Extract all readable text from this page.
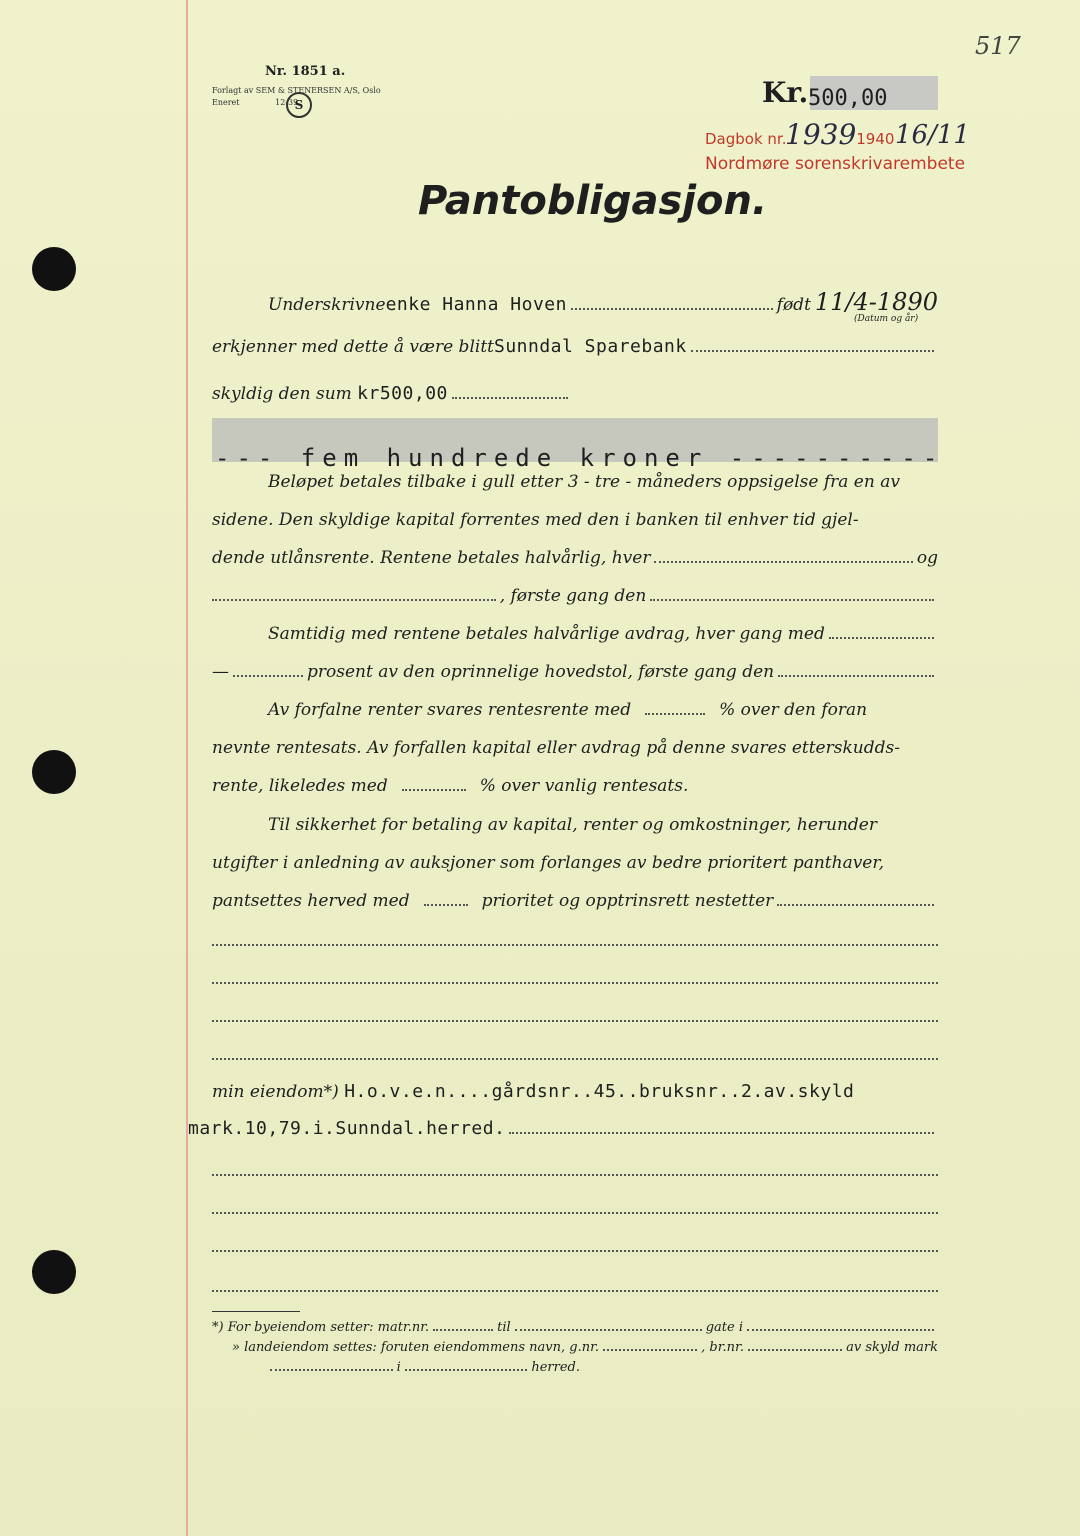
517
Nr. 1851 a.
Forlagt av SEM & STENERSEN A/S, Oslo
Eneret	12-39
S	Kr. 500,00
Dagbok nr.
19391940 16/11
Nordmøre sorenskrivarembete
Pantobligasjon.
Underskrivne enke Hanna Hoven	født 11/4-1890
(Datum og år)
erkjenner med dette å være blitt Sunndal Sparebank
skyldig den sum
kr500,00
--- fem hundrede kroner ----------
Beløpet betales tilbake i gull etter 3 - tre - måneders oppsigelse fra en av
sidene. Den skyldige kapital forrentes med den i banken til enhver tid gjel-
dende utlånsrente. Rentene betales halvårlig, hver	og
, første gang den
Samtidig med rentene betales halvårlige avdrag, hver gang med
—	prosent av den oprinnelige hovedstol, første gang den
Av forfalne renter svares rentesrente med	% over den foran
nevnte rentesats. Av forfallen kapital eller avdrag på denne svares etterskudds-
rente, likeledes med	% over vanlig rentesats.
Til sikkerhet for betaling av kapital, renter og omkostninger, herunder
utgifter i anledning av auksjoner som forlanges av bedre prioritert panthaver,
pantsettes herved med	prioritet og opptrinsrett nestetter
min eiendom*)
H.o.v.e.n....gårdsnr..45..bruksnr..2.av.skyld
mark.10,79.i.Sunndal.herred.
*) For byeiendom setter: matr.nr.	til	gate i
» landeiendom settes: foruten eiendommens navn, g.nr.	, br.nr.	av skyld mark
i	herred.
